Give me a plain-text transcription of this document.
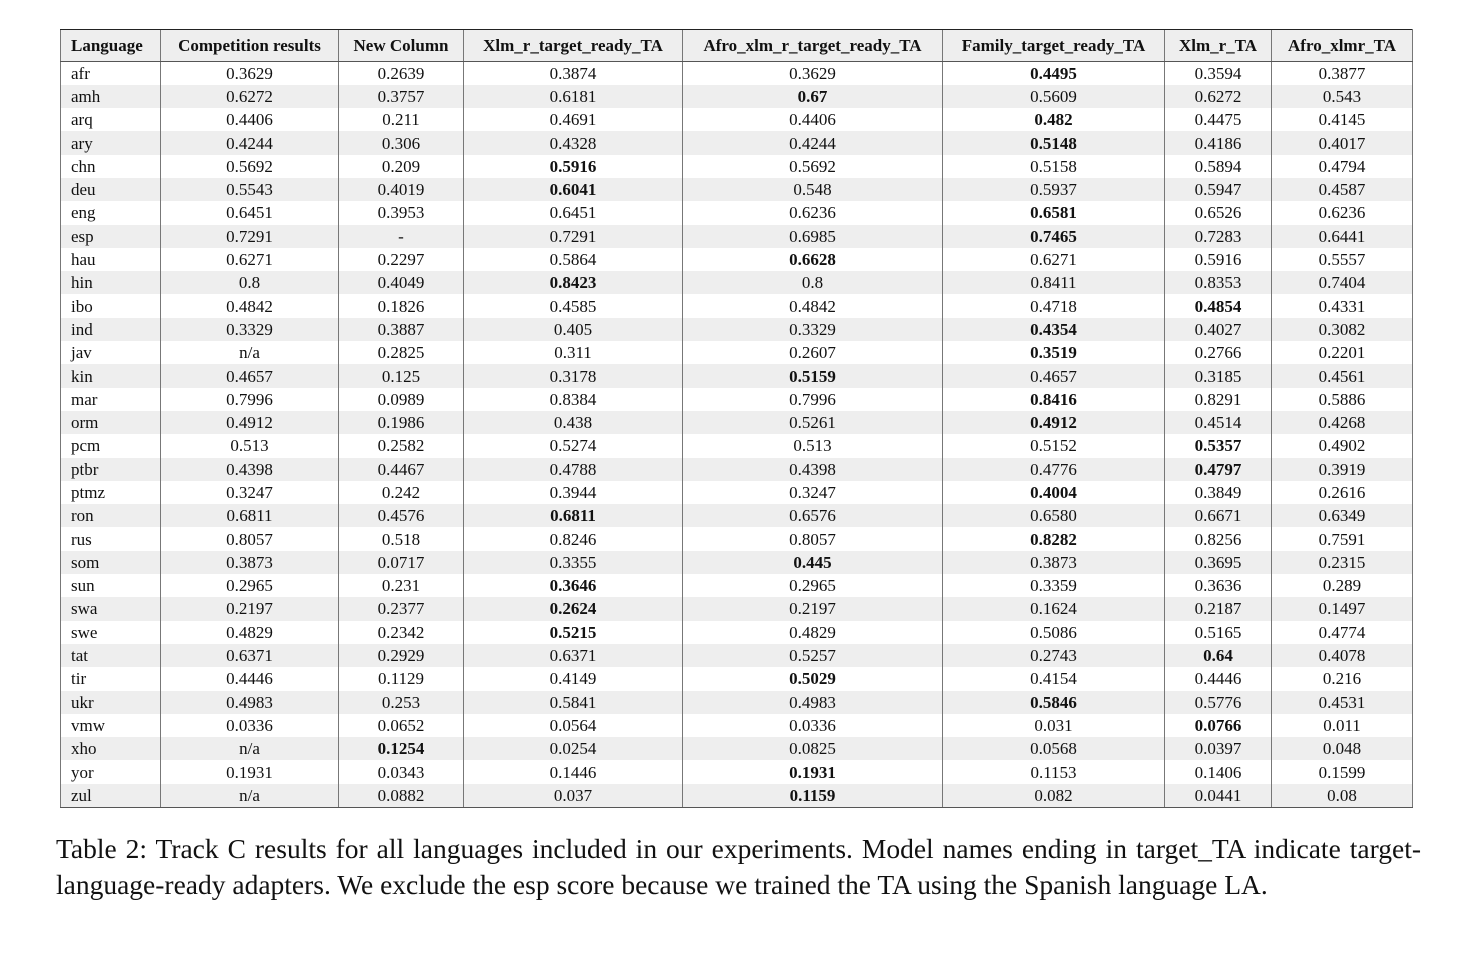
Language	Competition results	New Column	Xlm_r_target_ready_TA	Afro_xlm_r_target_ready_TA	Family_target_ready_TA	Xlm_r_TA	Afro_xlmr_TA
afr	0.3629	0.2639	0.3874	0.3629	0.4495	0.3594	0.3877
amh	0.6272	0.3757	0.6181	0.67	0.5609	0.6272	0.543
arq	0.4406	0.211	0.4691	0.4406	0.482	0.4475	0.4145
ary	0.4244	0.306	0.4328	0.4244	0.5148	0.4186	0.4017
chn	0.5692	0.209	0.5916	0.5692	0.5158	0.5894	0.4794
deu	0.5543	0.4019	0.6041	0.548	0.5937	0.5947	0.4587
eng	0.6451	0.3953	0.6451	0.6236	0.6581	0.6526	0.6236
esp	0.7291	-	0.7291	0.6985	0.7465	0.7283	0.6441
hau	0.6271	0.2297	0.5864	0.6628	0.6271	0.5916	0.5557
hin	0.8	0.4049	0.8423	0.8	0.8411	0.8353	0.7404
ibo	0.4842	0.1826	0.4585	0.4842	0.4718	0.4854	0.4331
ind	0.3329	0.3887	0.405	0.3329	0.4354	0.4027	0.3082
jav	n/a	0.2825	0.311	0.2607	0.3519	0.2766	0.2201
kin	0.4657	0.125	0.3178	0.5159	0.4657	0.3185	0.4561
mar	0.7996	0.0989	0.8384	0.7996	0.8416	0.8291	0.5886
orm	0.4912	0.1986	0.438	0.5261	0.4912	0.4514	0.4268
pcm	0.513	0.2582	0.5274	0.513	0.5152	0.5357	0.4902
ptbr	0.4398	0.4467	0.4788	0.4398	0.4776	0.4797	0.3919
ptmz	0.3247	0.242	0.3944	0.3247	0.4004	0.3849	0.2616
ron	0.6811	0.4576	0.6811	0.6576	0.6580	0.6671	0.6349
rus	0.8057	0.518	0.8246	0.8057	0.8282	0.8256	0.7591
som	0.3873	0.0717	0.3355	0.445	0.3873	0.3695	0.2315
sun	0.2965	0.231	0.3646	0.2965	0.3359	0.3636	0.289
swa	0.2197	0.2377	0.2624	0.2197	0.1624	0.2187	0.1497
swe	0.4829	0.2342	0.5215	0.4829	0.5086	0.5165	0.4774
tat	0.6371	0.2929	0.6371	0.5257	0.2743	0.64	0.4078
tir	0.4446	0.1129	0.4149	0.5029	0.4154	0.4446	0.216
ukr	0.4983	0.253	0.5841	0.4983	0.5846	0.5776	0.4531
vmw	0.0336	0.0652	0.0564	0.0336	0.031	0.0766	0.011
xho	n/a	0.1254	0.0254	0.0825	0.0568	0.0397	0.048
yor	0.1931	0.0343	0.1446	0.1931	0.1153	0.1406	0.1599
zul	n/a	0.0882	0.037	0.1159	0.082	0.0441	0.08

Table 2: Track C results for all languages included in our experiments. Model names ending in target_TA indicate target-language-ready adapters. We exclude the esp score because we trained the TA using the Spanish language LA.
